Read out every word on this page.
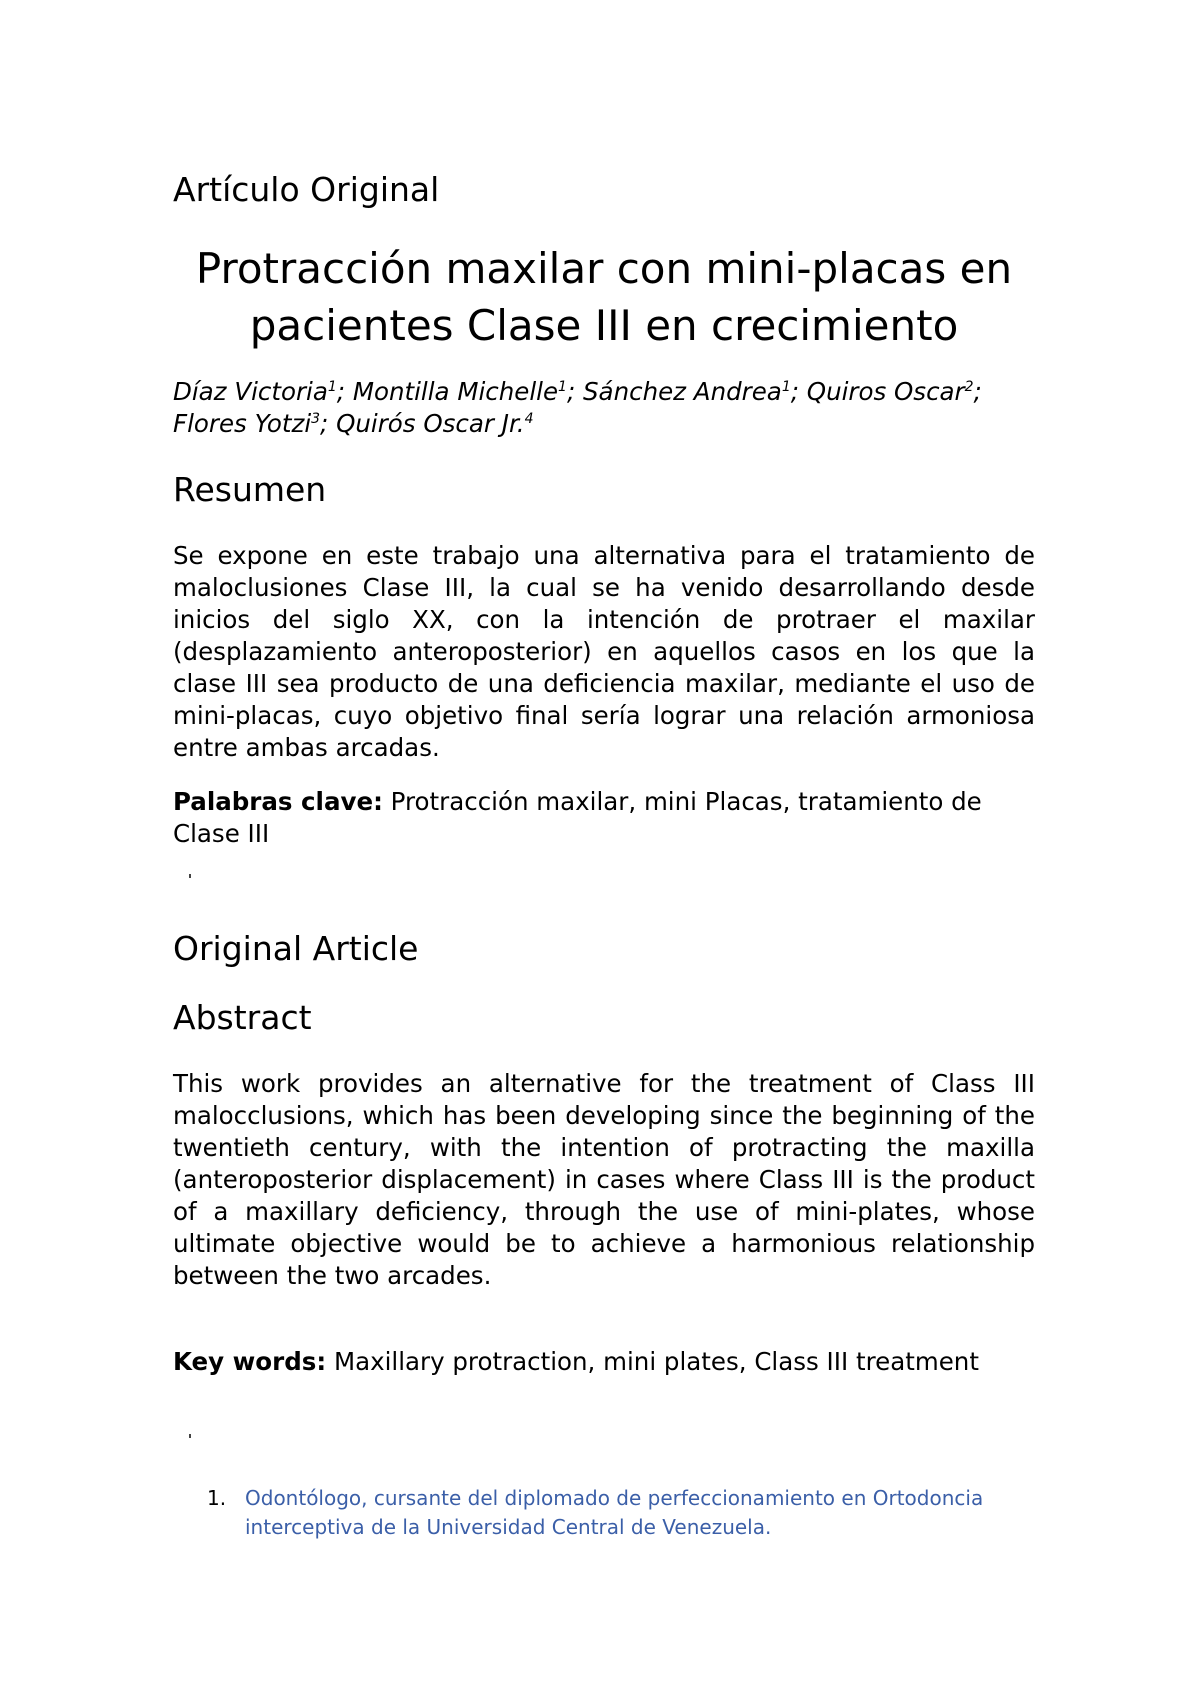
Artículo Original
Protracción maxilar con mini-placas en pacientes Clase III en crecimiento

Díaz Victoria$^1$; Montilla Michelle$^1$; Sánchez Andrea$^1$; Quiros Oscar$^2$; Flores Yotzi$^3$; Quirós Oscar Jr.$^4$

Resumen

Se expone en este trabajo una alternativa para el tratamiento de maloclusiones Clase III, la cual se ha venido desarrollando desde inicios del siglo XX, con la intención de protraer el maxilar (desplazamiento anteroposterior) en aquellos casos en los que la clase III sea producto de una deficiencia maxilar, mediante el uso de mini-placas, cuyo objetivo final sería lograr una relación armoniosa entre ambas arcadas.

Palabras clave: Protracción maxilar, mini Placas, tratamiento de Clase III

Original Article
Abstract

This work provides an alternative for the treatment of Class III malocclusions, which has been developing since the beginning of the twentieth century, with the intention of protracting the maxilla (anteroposterior displacement) in cases where Class III is the product of a maxillary deficiency, through the use of mini-plates, whose ultimate objective would be to achieve a harmonious relationship between the two arcades.

Key words: Maxillary protraction, mini plates, Class III treatment

1. Odontólogo, cursante del diplomado de perfeccionamiento en Ortodoncia interceptiva de la Universidad Central de Venezuela.
